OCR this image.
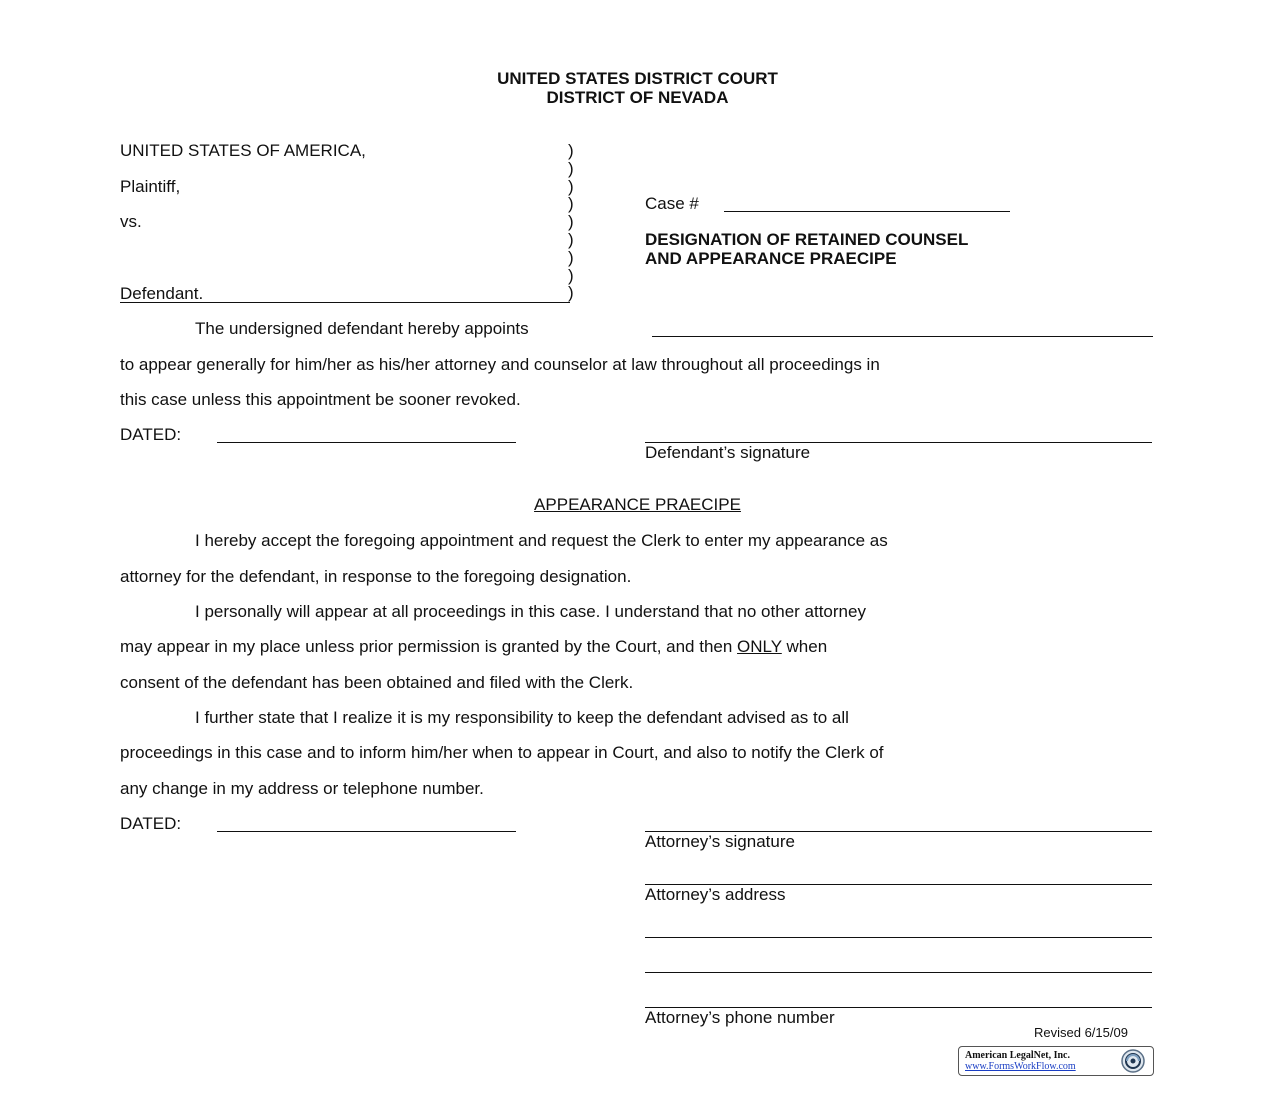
UNITED STATES DISTRICT COURT
DISTRICT OF NEVADA
UNITED STATES OF AMERICA,
Plaintiff,
vs.
Defendant.
)
)
)
)
)
)
)
)
)
Case #
DESIGNATION OF RETAINED COUNSEL
AND APPEARANCE PRAECIPE
The undersigned defendant hereby appoints
to appear generally for him/her as his/her attorney and counselor at law throughout all proceedings in
this case unless this appointment be sooner revoked.
DATED:
Defendant’s signature
APPEARANCE PRAECIPE
I hereby accept the foregoing appointment and request the Clerk to enter my appearance as
attorney for the defendant, in response to the foregoing designation.
I personally will appear at all proceedings in this case. I understand that no other attorney
may appear in my place unless prior permission is granted by the Court, and then ONLY when
consent of the defendant has been obtained and filed with the Clerk.
I further state that I realize it is my responsibility to keep the defendant advised as to all
proceedings in this case and to inform him/her when to appear in Court, and also to notify the Clerk of
any change in my address or telephone number.
DATED:
Attorney’s signature
Attorney’s address
Attorney’s phone number
Revised 6/15/09
American LegalNet, Inc.
www.FormsWorkFlow.com
